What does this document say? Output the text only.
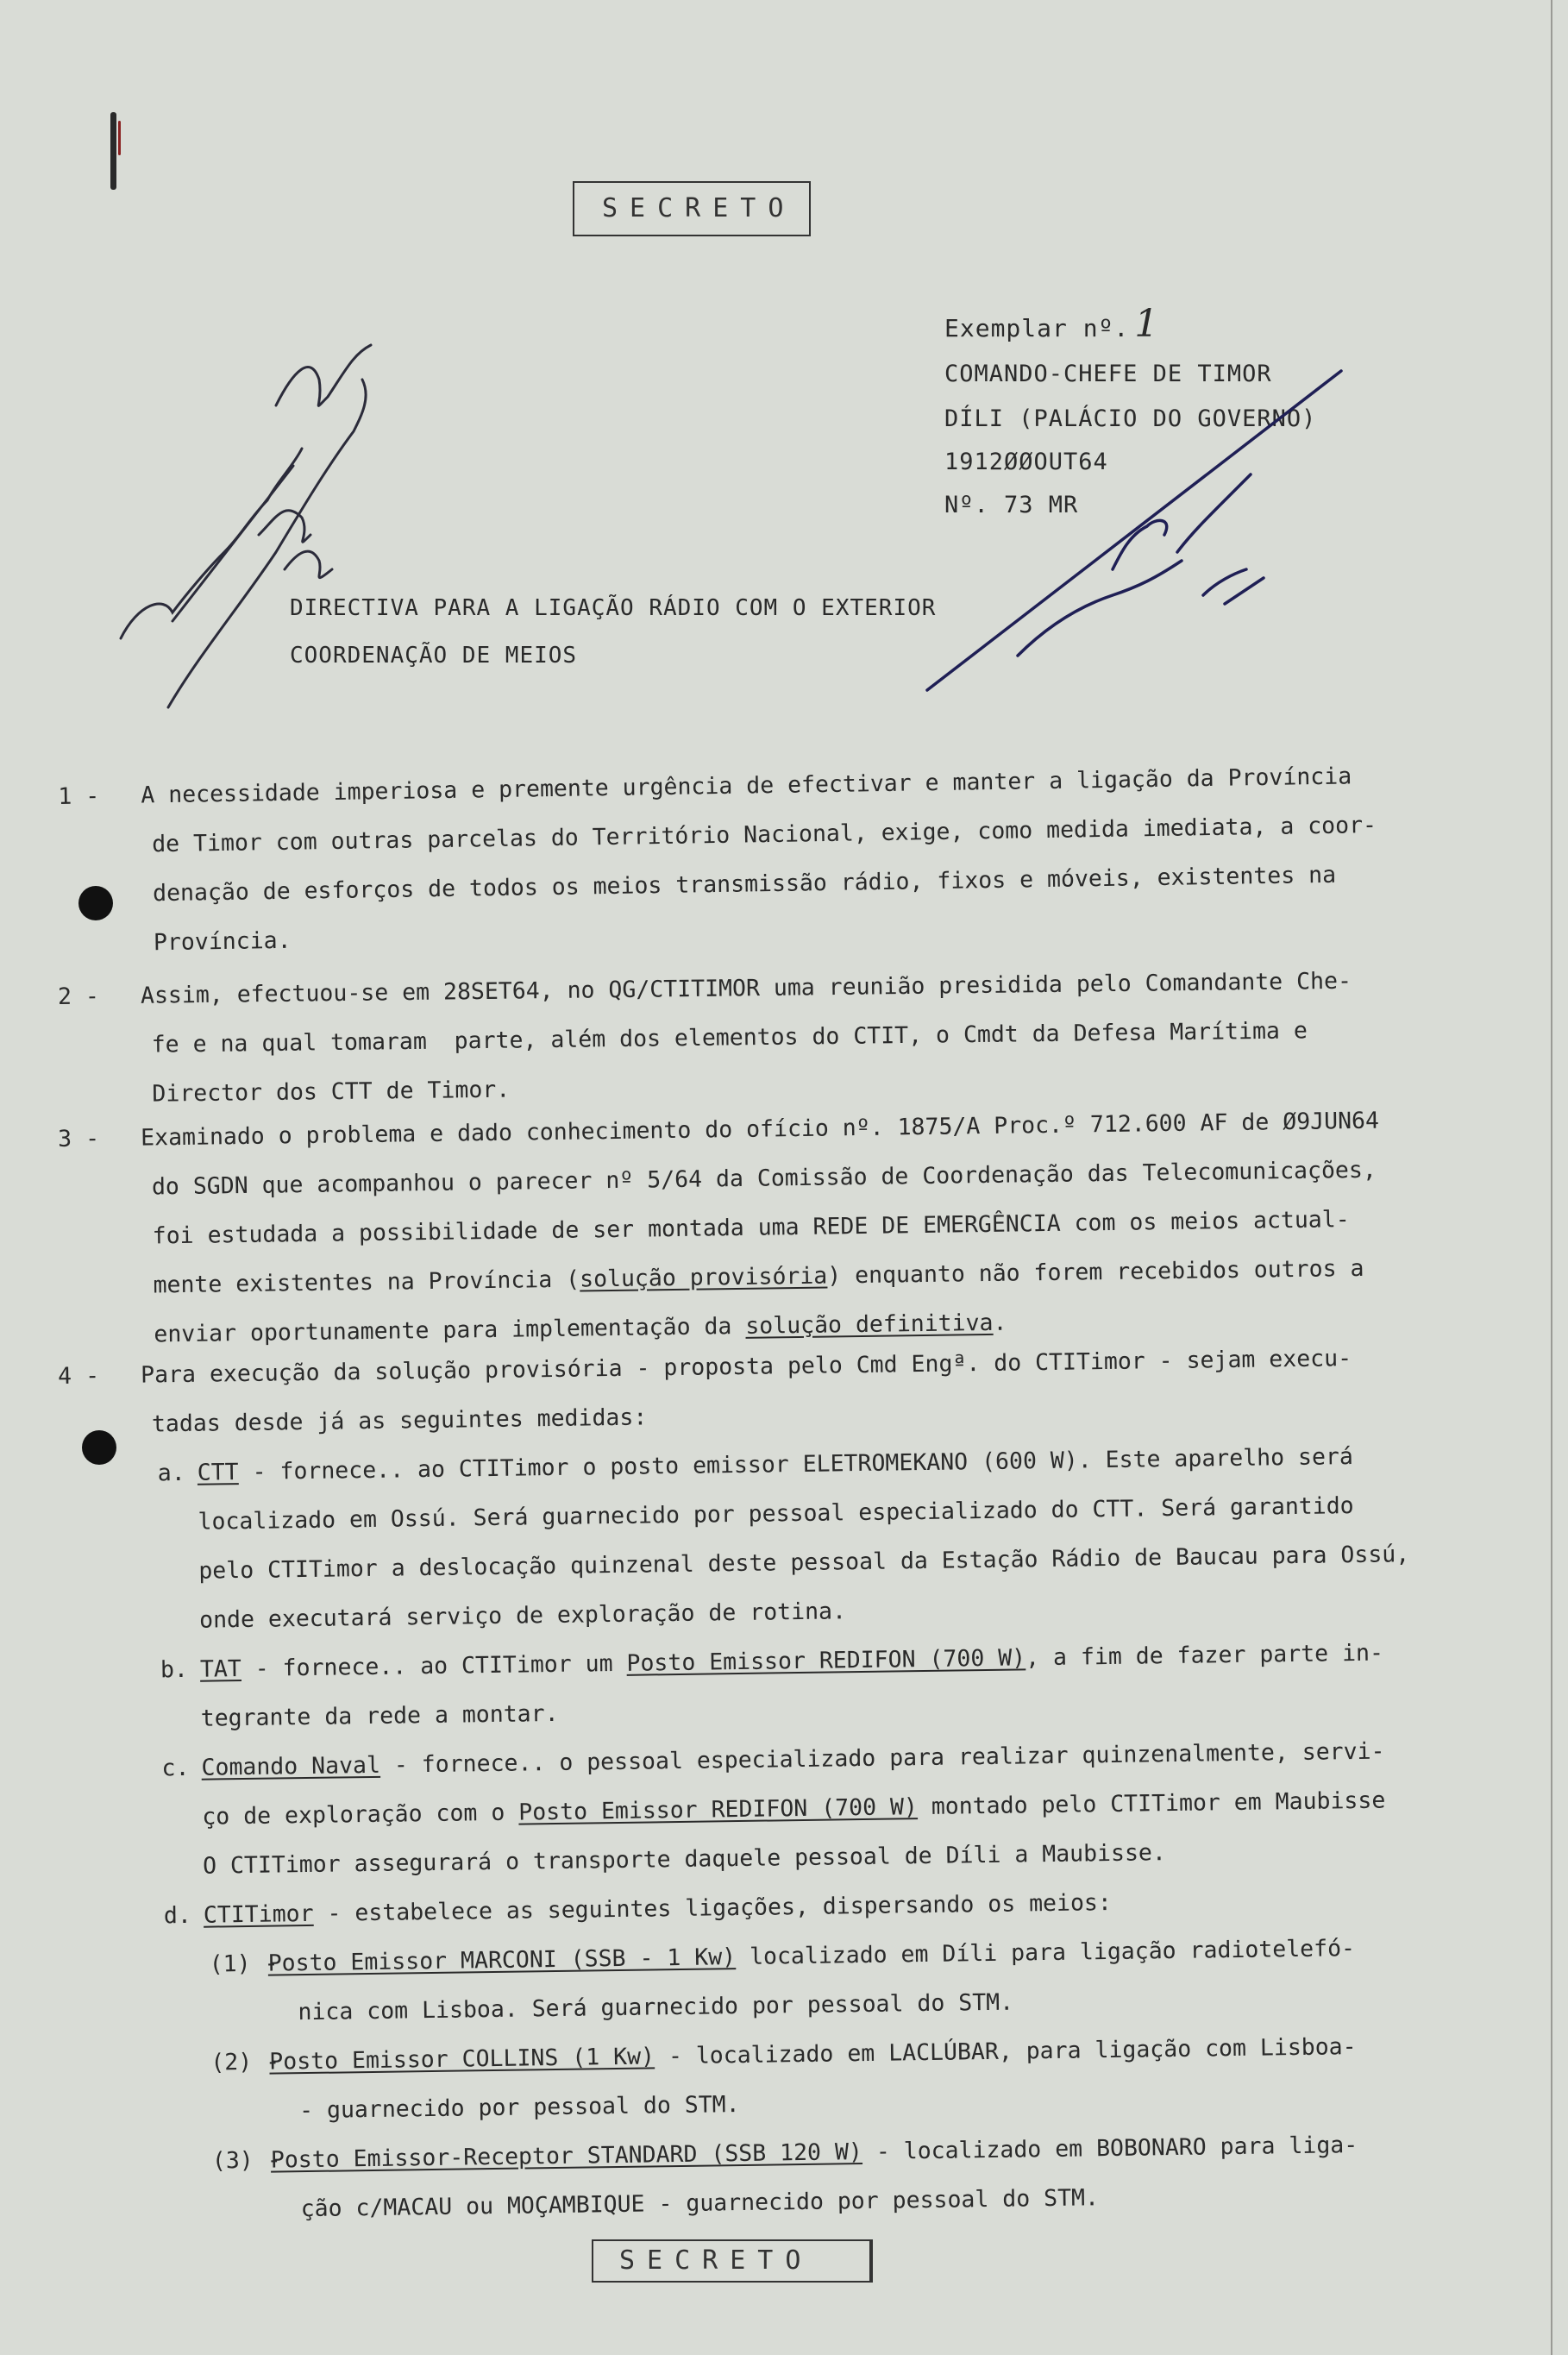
SECRETO
Exemplar nº. 1
COMANDO-CHEFE DE TIMOR
DÍLI (PALÁCIO DO GOVERNO)
1912ØØOUT64
Nº. 73 MR
DIRECTIVA PARA A LIGAÇÃO RÁDIO COM O EXTERIOR
COORDENAÇÃO DE MEIOS

1 - A necessidade imperiosa e premente urgência de efectivar e manter a ligação da Província
de Timor com outras parcelas do Território Nacional, exige, como medida imediata, a coor-
denação de esforços de todos os meios transmissão rádio, fixos e móveis, existentes na
Província.

2 - Assim, efectuou-se em 28SET64, no QG/CTITIMOR uma reunião presidida pelo Comandante Che-
fe e na qual tomaram  parte, além dos elementos do CTIT, o Cmdt da Defesa Marítima e
Director dos CTT de Timor.

3 - Examinado o problema e dado conhecimento do ofício nº. 1875/A Proc.º 712.600 AF de Ø9JUN64
do SGDN que acompanhou o parecer nº 5/64 da Comissão de Coordenação das Telecomunicações,
foi estudada a possibilidade de ser montada uma REDE DE EMERGÊNCIA com os meios actual-
mente existentes na Província (solução provisória) enquanto não forem recebidos outros a
enviar oportunamente para implementação da solução definitiva.

4 - Para execução da solução provisória - proposta pelo Cmd Engª. do CTITimor - sejam execu-
tadas desde já as seguintes medidas:
a. CTT - fornece.. ao CTITimor o posto emissor ELETROMEKANO (600 W). Este aparelho será
localizado em Ossú. Será guarnecido por pessoal especializado do CTT. Será garantido
pelo CTITimor a deslocação quinzenal deste pessoal da Estação Rádio de Baucau para Ossú,
onde executará serviço de exploração de rotina.
b. TAT - fornece.. ao CTITimor um Posto Emissor REDIFON (700 W), a fim de fazer parte in-
tegrante da rede a montar.
c. Comando Naval - fornece.. o pessoal especializado para realizar quinzenalmente, servi-
ço de exploração com o Posto Emissor REDIFON (700 W) montado pelo CTITimor em Maubisse
O CTITimor assegurará o transporte daquele pessoal de Díli a Maubisse.
d. CTITimor - estabelece as seguintes ligações, dispersando os meios:
(1) -Posto Emissor MARCONI (SSB - 1 Kw) localizado em Díli para ligação radiotelefó-
nica com Lisboa. Será guarnecido por pessoal do STM.
(2) -Posto Emissor COLLINS (1 Kw) - localizado em LACLÚBAR, para ligação com Lisboa-
- guarnecido por pessoal do STM.
(3) -Posto Emissor-Receptor STANDARD (SSB 120 W) - localizado em BOBONARO para liga-
ção c/MACAU ou MOÇAMBIQUE - guarnecido por pessoal do STM.
SECRETO
